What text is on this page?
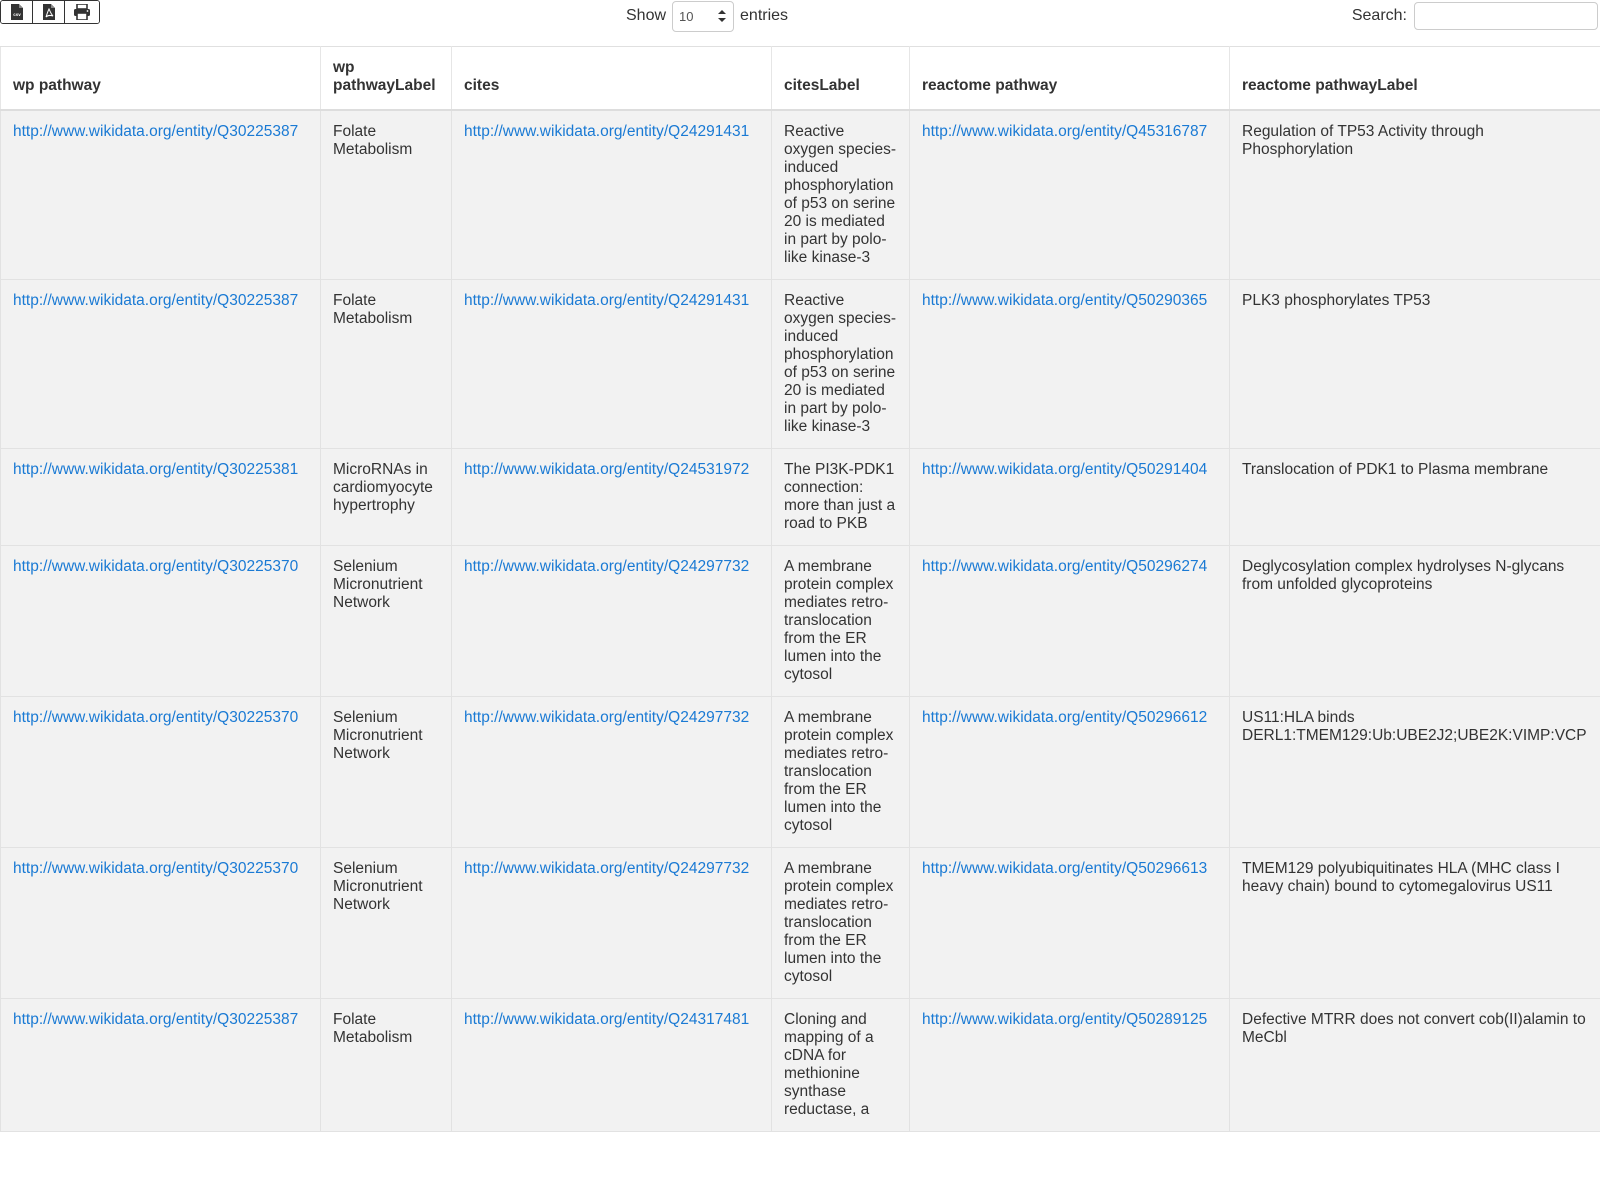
csv	Show
10	entries	Search:
wp pathway	wp pathwayLabel	cites	citesLabel	reactome pathway	reactome pathwayLabel
http://www.wikidata.org/entity/Q30225387	Folate Metabolism	http://www.wikidata.org/entity/Q24291431	Reactive oxygen species-induced phosphorylation of p53 on serine 20 is mediated in part by polo-like kinase-3	http://www.wikidata.org/entity/Q45316787	Regulation of TP53 Activity through Phosphorylation
http://www.wikidata.org/entity/Q30225387	Folate Metabolism	http://www.wikidata.org/entity/Q24291431	Reactive oxygen species-induced phosphorylation of p53 on serine 20 is mediated in part by polo-like kinase-3	http://www.wikidata.org/entity/Q50290365	PLK3 phosphorylates TP53
http://www.wikidata.org/entity/Q30225381	MicroRNAs in cardiomyocyte hypertrophy	http://www.wikidata.org/entity/Q24531972	The PI3K-PDK1 connection: more than just a road to PKB	http://www.wikidata.org/entity/Q50291404	Translocation of PDK1 to Plasma membrane
http://www.wikidata.org/entity/Q30225370	Selenium Micronutrient Network	http://www.wikidata.org/entity/Q24297732	A membrane protein complex mediates retro-translocation from the ER lumen into the cytosol	http://www.wikidata.org/entity/Q50296274	Deglycosylation complex hydrolyses N-glycans from unfolded glycoproteins
http://www.wikidata.org/entity/Q30225370	Selenium Micronutrient Network	http://www.wikidata.org/entity/Q24297732	A membrane protein complex mediates retro-translocation from the ER lumen into the cytosol	http://www.wikidata.org/entity/Q50296612	US11:HLA binds DERL1:TMEM129:Ub:UBE2J2;UBE2K:VIMP:VCP
http://www.wikidata.org/entity/Q30225370	Selenium Micronutrient Network	http://www.wikidata.org/entity/Q24297732	A membrane protein complex mediates retro-translocation from the ER lumen into the cytosol	http://www.wikidata.org/entity/Q50296613	TMEM129 polyubiquitinates HLA (MHC class I heavy chain) bound to cytomegalovirus US11
http://www.wikidata.org/entity/Q30225387	Folate Metabolism	http://www.wikidata.org/entity/Q24317481	Cloning and mapping of a cDNA for methionine synthase reductase, a	http://www.wikidata.org/entity/Q50289125	Defective MTRR does not convert cob(II)alamin to MeCbl
